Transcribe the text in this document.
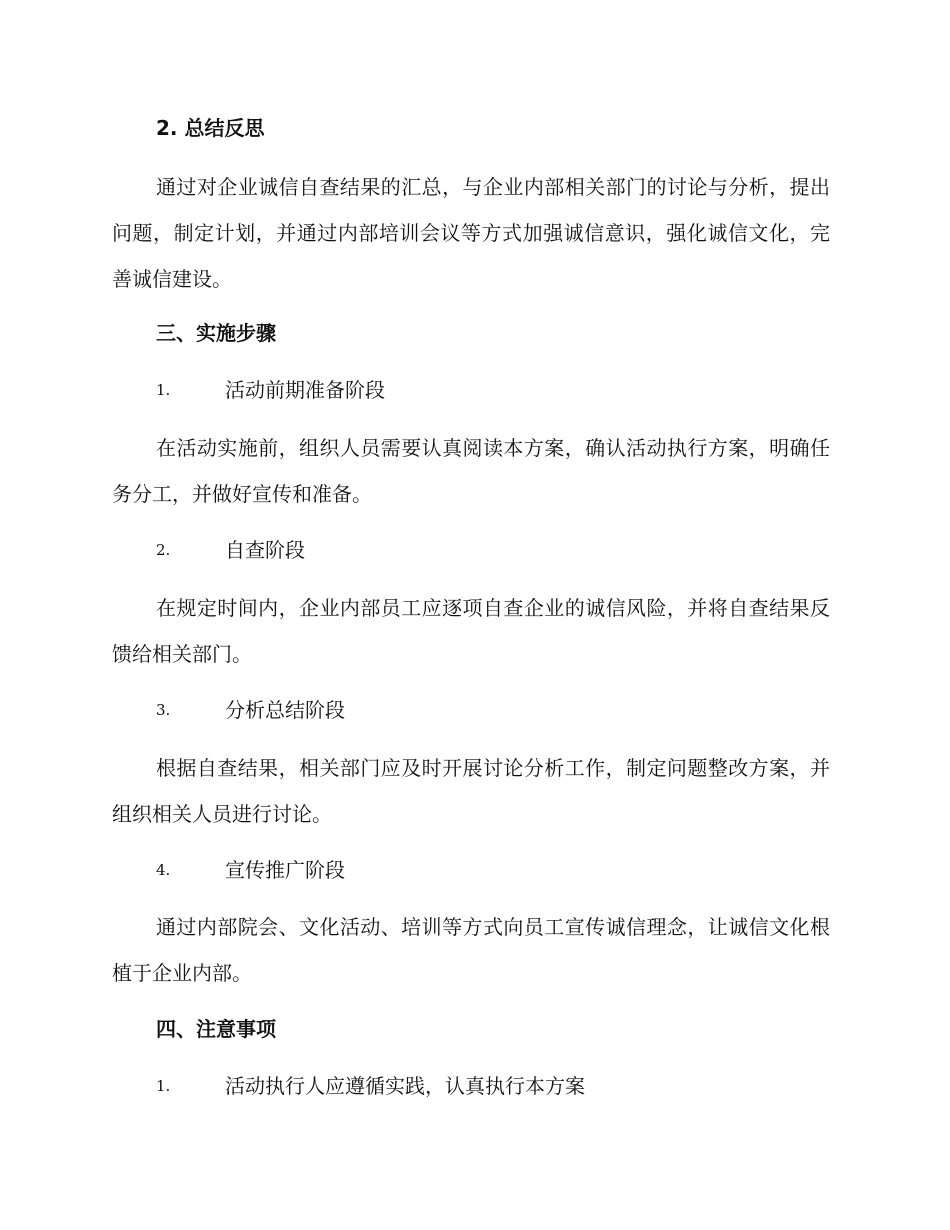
2. 总结反思

通过对企业诚信自查结果的汇总，与企业内部相关部门的讨论与分析，提出问题，制定计划，并通过内部培训会议等方式加强诚信意识，强化诚信文化，完善诚信建设。

三、实施步骤
1.	活动前期准备阶段

在活动实施前，组织人员需要认真阅读本方案，确认活动执行方案，明确任务分工，并做好宣传和准备。

2.	自查阶段

在规定时间内，企业内部员工应逐项自查企业的诚信风险，并将自查结果反馈给相关部门。

3.	分析总结阶段

根据自查结果，相关部门应及时开展讨论分析工作，制定问题整改方案，并组织相关人员进行讨论。

4.	宣传推广阶段

通过内部院会、文化活动、培训等方式向员工宣传诚信理念，让诚信文化根植于企业内部。

四、注意事项
1.	活动执行人应遵循实践，认真执行本方案
